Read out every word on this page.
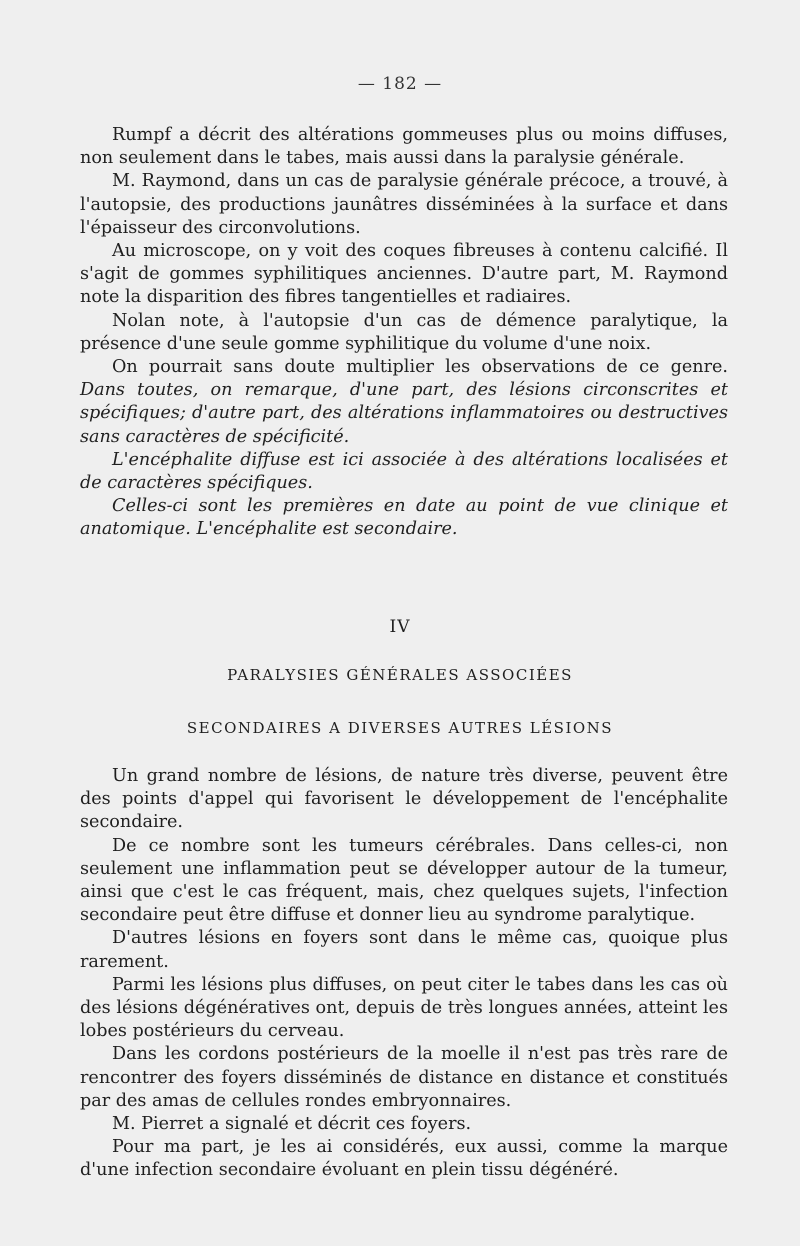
— 182 —

Rumpf a décrit des altérations gommeuses plus ou moins diffuses, non seulement dans le tabes, mais aussi dans la paralysie générale.

M. Raymond, dans un cas de paralysie générale précoce, a trouvé, à l'autopsie, des productions jaunâtres disséminées à la surface et dans l'épaisseur des circonvolutions.

Au microscope, on y voit des coques fibreuses à contenu calcifié. Il s'agit de gommes syphilitiques anciennes. D'autre part, M. Raymond note la disparition des fibres tangentielles et radiaires.

Nolan note, à l'autopsie d'un cas de démence paralytique, la présence d'une seule gomme syphilitique du volume d'une noix.

On pourrait sans doute multiplier les observations de ce genre. Dans toutes, on remarque, d'une part, des lésions circonscrites et spécifiques; d'autre part, des altérations inflammatoires ou destructives sans caractères de spécificité.

L'encéphalite diffuse est ici associée à des altérations localisées et de caractères spécifiques.

Celles-ci sont les premières en date au point de vue clinique et anatomique. L'encéphalite est secondaire.

IV
PARALYSIES GÉNÉRALES ASSOCIÉES
SECONDAIRES A DIVERSES AUTRES LÉSIONS

Un grand nombre de lésions, de nature très diverse, peuvent être des points d'appel qui favorisent le développement de l'encéphalite secondaire.

De ce nombre sont les tumeurs cérébrales. Dans celles-ci, non seulement une inflammation peut se développer autour de la tumeur, ainsi que c'est le cas fréquent, mais, chez quelques sujets, l'infection secondaire peut être diffuse et donner lieu au syndrome paralytique.

D'autres lésions en foyers sont dans le même cas, quoique plus rarement.

Parmi les lésions plus diffuses, on peut citer le tabes dans les cas où des lésions dégénératives ont, depuis de très longues années, atteint les lobes postérieurs du cerveau.

Dans les cordons postérieurs de la moelle il n'est pas très rare de rencontrer des foyers disséminés de distance en distance et constitués par des amas de cellules rondes embryonnaires.

M. Pierret a signalé et décrit ces foyers.

Pour ma part, je les ai considérés, eux aussi, comme la marque d'une infection secondaire évoluant en plein tissu dégénéré.
